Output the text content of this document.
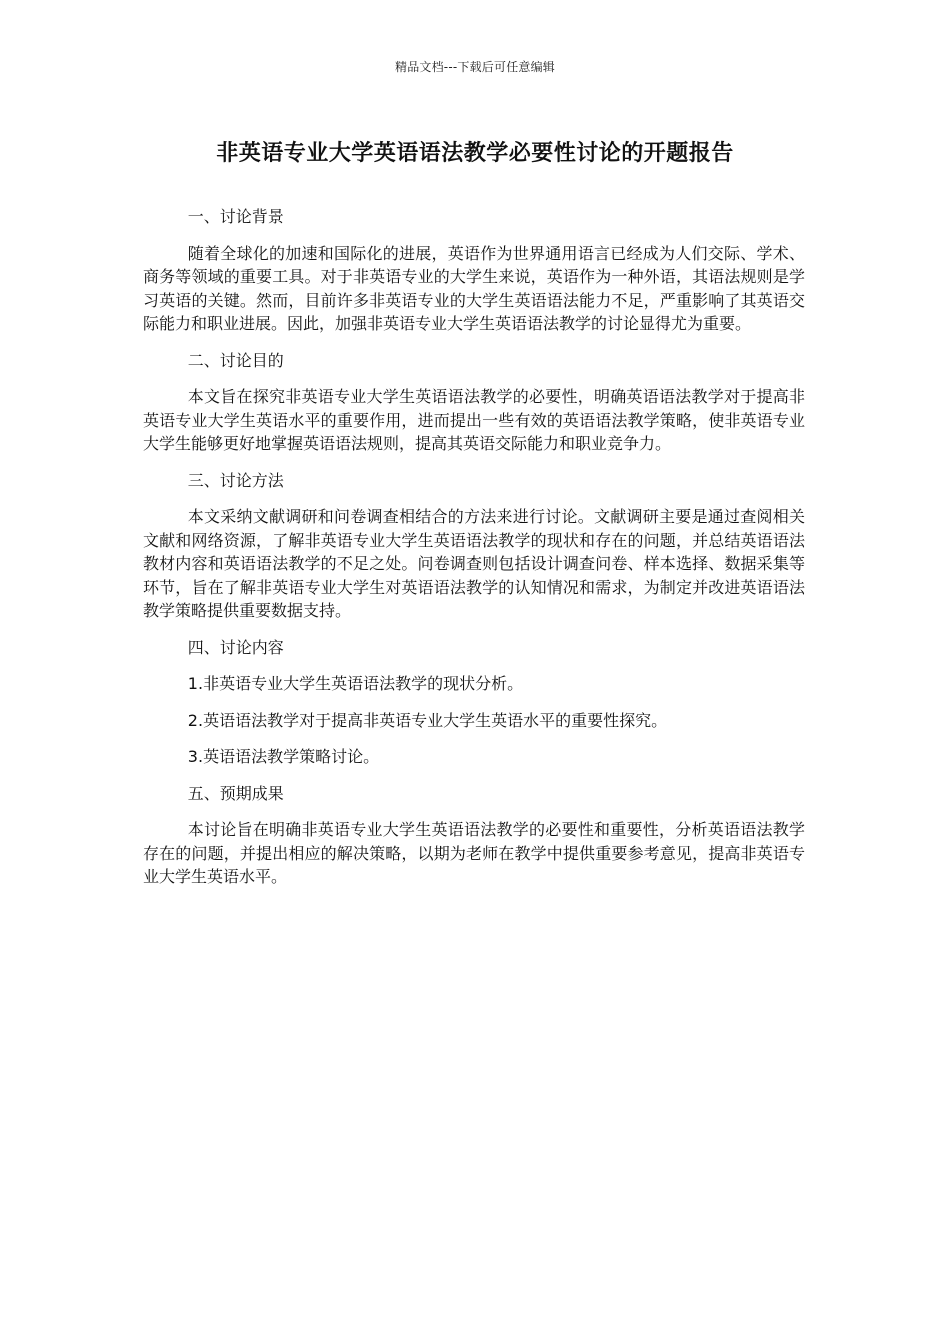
精品文档---下载后可任意编辑
非英语专业大学英语语法教学必要性讨论的开题报告

一、讨论背景

随着全球化的加速和国际化的进展，英语作为世界通用语言已经成为人们交际、学术、商务等领域的重要工具。对于非英语专业的大学生来说，英语作为一种外语，其语法规则是学习英语的关键。然而，目前许多非英语专业的大学生英语语法能力不足，严重影响了其英语交际能力和职业进展。因此，加强非英语专业大学生英语语法教学的讨论显得尤为重要。

二、讨论目的

本文旨在探究非英语专业大学生英语语法教学的必要性，明确英语语法教学对于提高非英语专业大学生英语水平的重要作用，进而提出一些有效的英语语法教学策略，使非英语专业大学生能够更好地掌握英语语法规则，提高其英语交际能力和职业竞争力。

三、讨论方法

本文采纳文献调研和问卷调查相结合的方法来进行讨论。文献调研主要是通过查阅相关文献和网络资源，了解非英语专业大学生英语语法教学的现状和存在的问题，并总结英语语法教材内容和英语语法教学的不足之处。问卷调查则包括设计调查问卷、样本选择、数据采集等环节，旨在了解非英语专业大学生对英语语法教学的认知情况和需求，为制定并改进英语语法教学策略提供重要数据支持。

四、讨论内容

1.非英语专业大学生英语语法教学的现状分析。

2.英语语法教学对于提高非英语专业大学生英语水平的重要性探究。

3.英语语法教学策略讨论。

五、预期成果

本讨论旨在明确非英语专业大学生英语语法教学的必要性和重要性，分析英语语法教学存在的问题，并提出相应的解决策略，以期为老师在教学中提供重要参考意见，提高非英语专业大学生英语水平。
